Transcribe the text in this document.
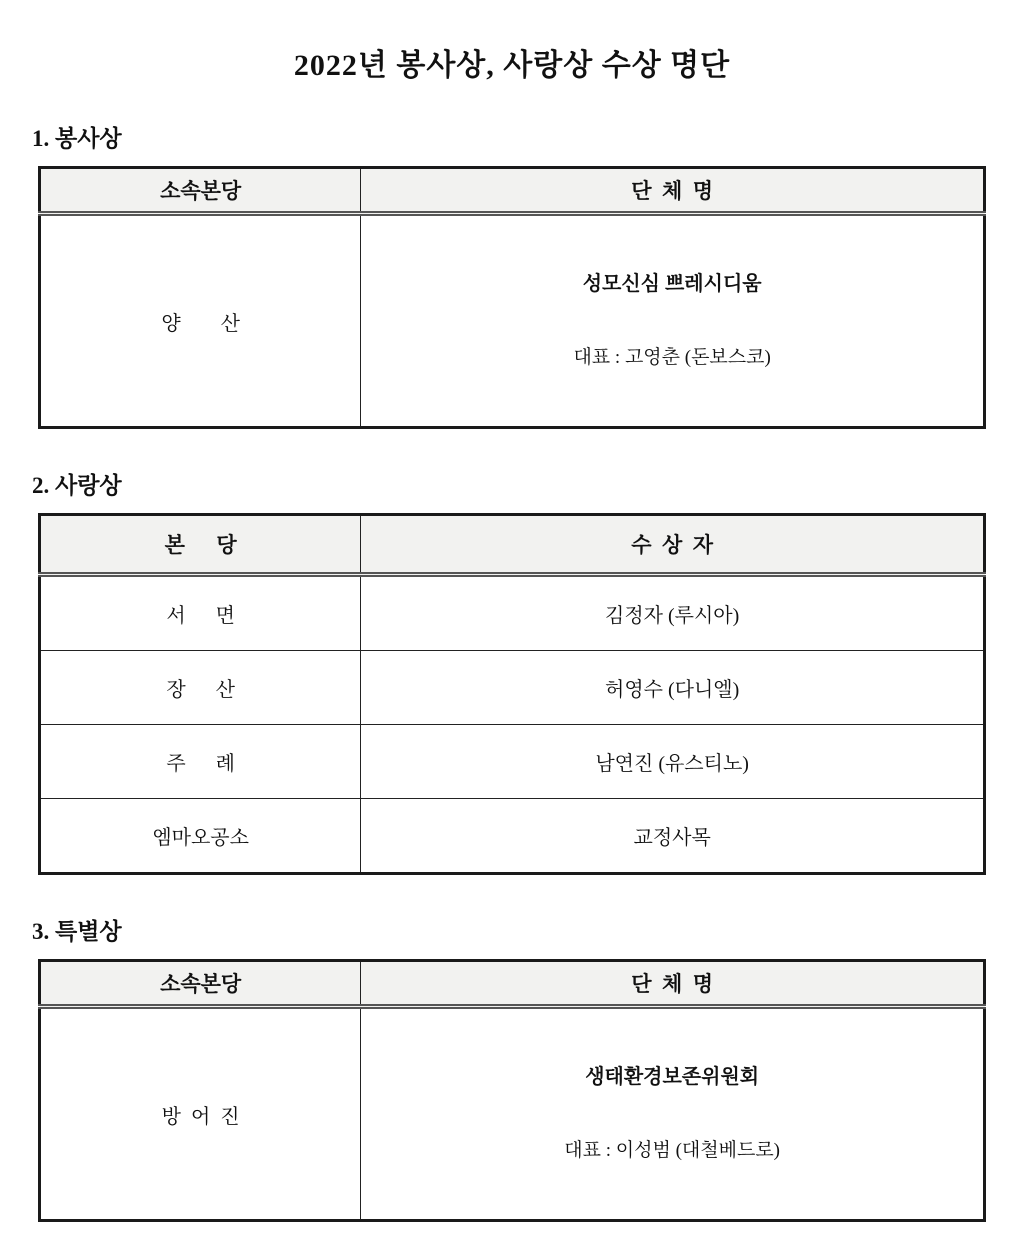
2022년 봉사상, 사랑상 수상 명단
1. 봉사상
소속본당	단  체  명
양        산	성모신심 쁘레시디움

대표 : 고영춘 (돈보스코)

2. 사랑상
본      당	수  상  자
서      면	김정자 (루시아)
장      산	허영수 (다니엘)
주      례	남연진 (유스티노)
엠마오공소	교정사목
3. 특별상
소속본당	단  체  명
방  어  진	생태환경보존위원회

대표 : 이성범 (대철베드로)
